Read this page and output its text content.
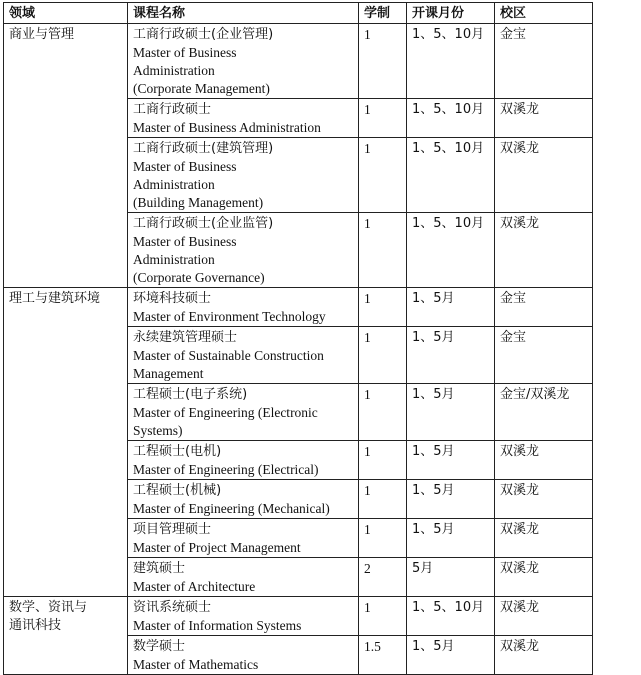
领域	课程名称	学制	开课月份	校区
商业与管理	工商行政硕士(企业管理)
Master of Business
Administration
(Corporate Management)	1	1、5、10月	金宝

	工商行政硕士
Master of Business Administration	1	1、5、10月	双溪龙

	工商行政硕士(建筑管理)
Master of Business
Administration
(Building Management)	1	1、5、10月	双溪龙

	工商行政硕士(企业监管)
Master of Business
Administration
(Corporate Governance)	1	1、5、10月	双溪龙
理工与建筑环境	环境科技硕士
Master of Environment Technology	1	1、5月	金宝

	永续建筑管理硕士
Master of Sustainable Construction
Management	1	1、5月	金宝

	工程硕士(电子系统)
Master of Engineering (Electronic
Systems)	1	1、5月	金宝/双溪龙

	工程硕士(电机)
Master of Engineering (Electrical)	1	1、5月	双溪龙

	工程硕士(机械)
Master of Engineering (Mechanical)	1	1、5月	双溪龙

	项目管理硕士
Master of Project Management	1	1、5月	双溪龙

	建筑硕士
Master of Architecture	2	5月	双溪龙

数学、资讯与
通讯科技	资讯系统硕士
Master of Information Systems	1	1、5、10月	双溪龙

	数学硕士
Master of Mathematics	1.5	1、5月	双溪龙
